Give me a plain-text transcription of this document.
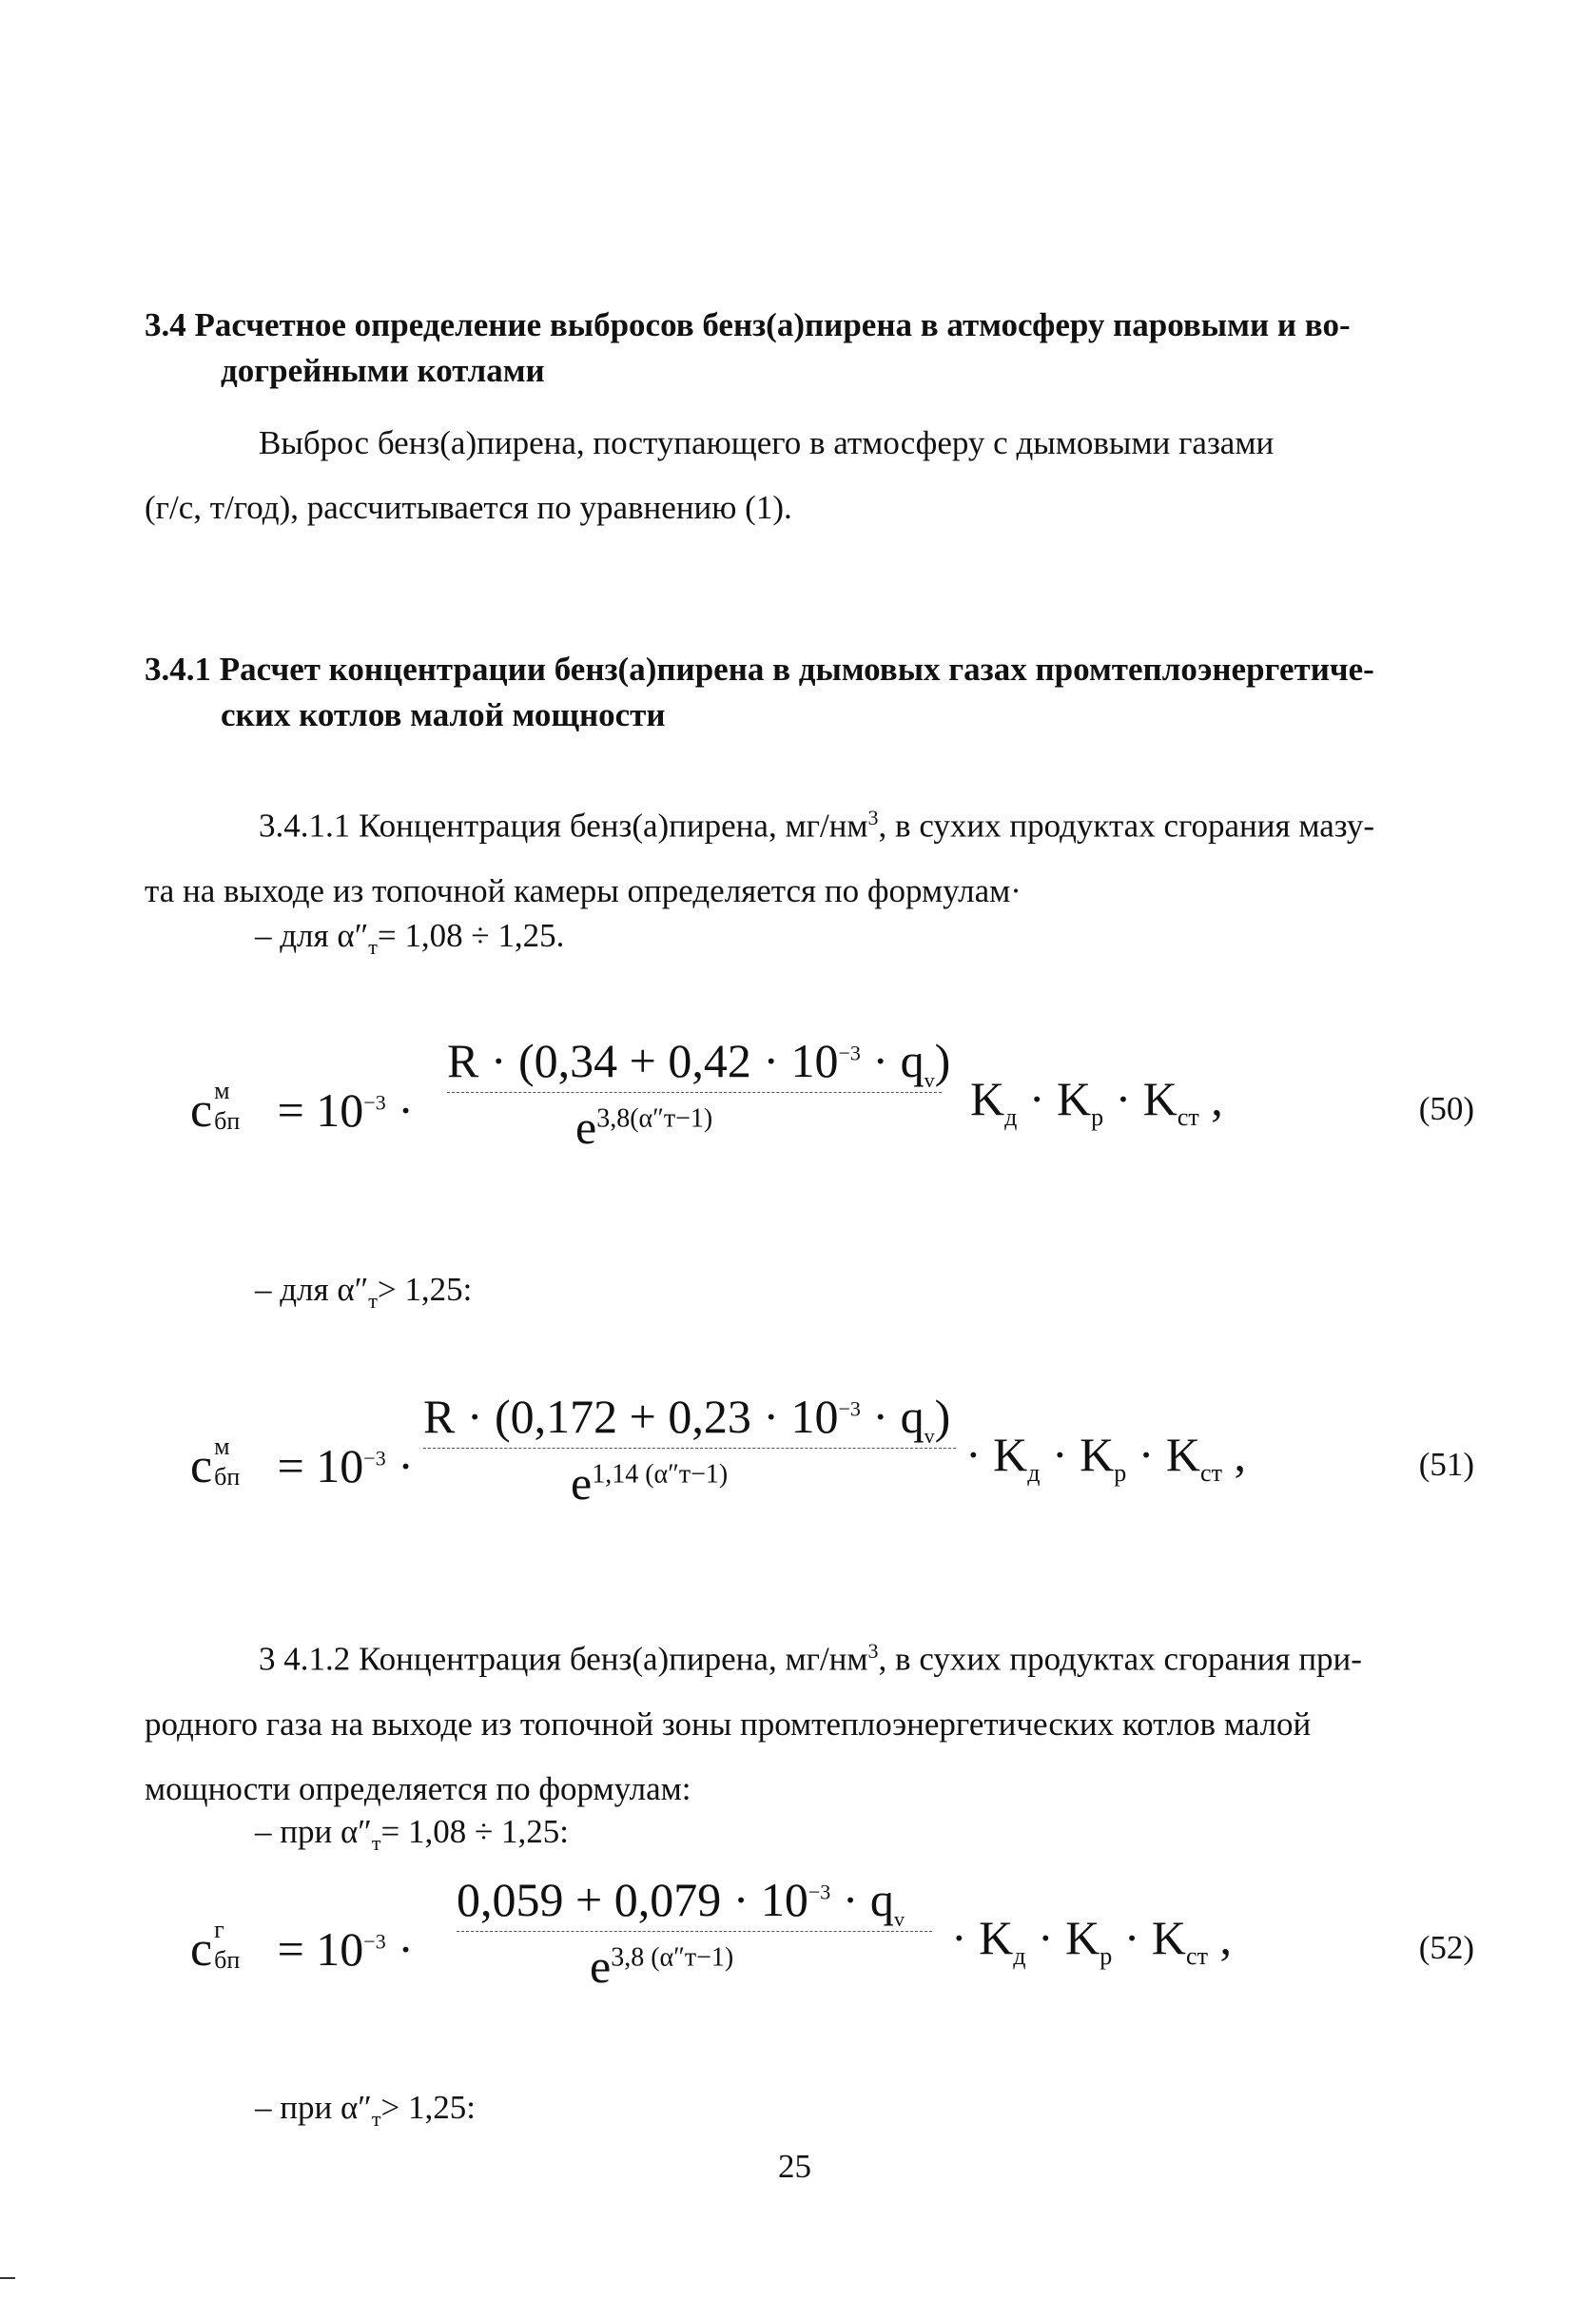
3.4 Расчетное определение выбросов бенз(а)пирена в атмосферу паровыми и во-
догрейными котлами
Выброс бенз(а)пирена, поступающего в атмосферу с дымовыми газами
(г/с, т/год), рассчитывается по уравнению (1).
3.4.1 Расчет концентрации бенз(а)пирена в дымовых газах промтеплоэнергетиче-
ских котлов малой мощности
3.4.1.1 Концентрация бенз(а)пирена, $мг/нм^3$, в сухих продуктах сгорания мазу-
та на выходе из топочной камеры определяется по формулам·
– для $\alpha''_т= 1,08 \div 1,25$.
c м
бп = $10^{-3}$ ·
$R \cdot (0,34 + 0,42 \cdot 10^{-3} \cdot q_v)$
$e^{3,8(\alpha''т-1)}$	$K_д \cdot K_р \cdot K_{ст}$ ,	(50)
– для $\alpha''_т> 1,25$:
c м
бп = $10^{-3}$ ·
$R \cdot (0,172 + 0,23 \cdot 10^{-3} \cdot q_v)$
$e^{1,14 (\alpha''т-1)}$	· $K_д \cdot K_р \cdot K_{ст}$ ,	(51)
3 4.1.2 Концентрация бенз(а)пирена, $мг/нм^3$, в сухих продуктах сгорания при-
родного газа на выходе из топочной зоны промтеплоэнергетических котлов малой
мощности определяется по формулам:
– при $\alpha''_т= 1,08 \div 1,25$:
c г
бп = $10^{-3}$ ·
$0,059 + 0,079 \cdot 10^{-3} \cdot q_v$
$e^{3,8 (\alpha''т-1)}$	· $K_д \cdot K_р \cdot K_{ст}$ ,	(52)
– при $\alpha''_т> 1,25$:
25
